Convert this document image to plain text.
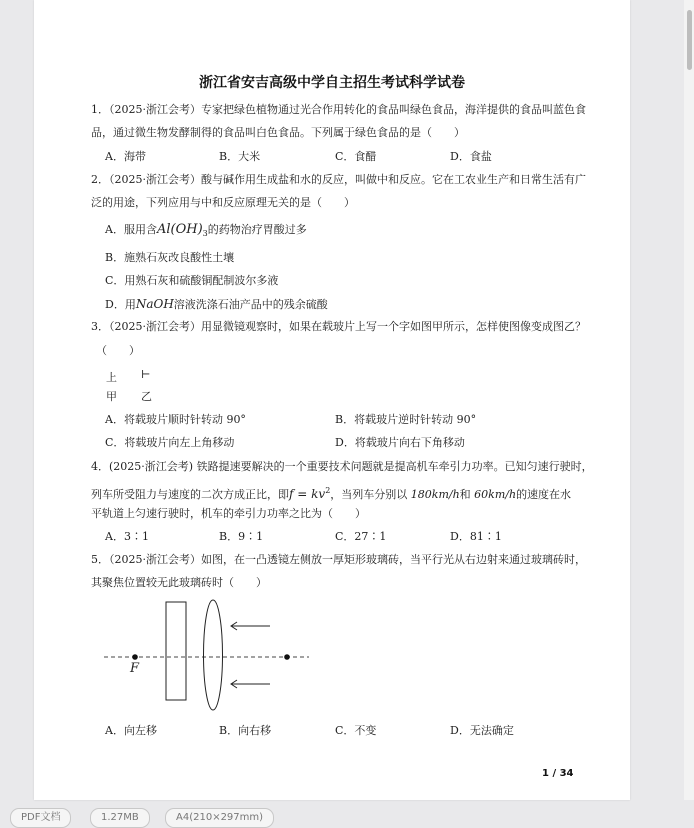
浙江省安吉高级中学自主招生考试科学试卷
1．（2025·浙江会考）专家把绿色植物通过光合作用转化的食品叫绿色食品，海洋提供的食品叫蓝色食
品，通过微生物发酵制得的食品叫白色食品。下列属于绿色食品的是（　　）
A．海带	B．大米	C．食醋	D．食盐
2．（2025·浙江会考）酸与碱作用生成盐和水的反应，叫做中和反应。它在工农业生产和日常生活有广
泛的用途，下列应用与中和反应原理无关的是（　　）
A．服用含$Al(OH)_3$的药物治疗胃酸过多
B．施熟石灰改良酸性土壤
C．用熟石灰和硫酸铜配制波尔多液
D．用NaOH溶液洗涤石油产品中的残余硫酸
3．（2025·浙江会考）用显微镜观察时，如果在载玻片上写一个字如图甲所示，怎样使图像变成图乙？
（　　）
上 ⊢
甲 乙
A．将载玻片顺时针转动 90°	B．将载玻片逆时针转动 90°
C．将载玻片向左上角移动	D．将载玻片向右下角移动
4．(2025·浙江会考) 铁路提速要解决的一个重要技术问题就是提高机车牵引力功率。已知匀速行驶时，
列车所受阻力与速度的二次方成正比，即$f = kv^2$，当列车分别以 180km/h和 60km/h的速度在水
平轨道上匀速行驶时，机车的牵引力功率之比为（　　）
A．3∶1	B．9∶1	C．27∶1	D．81∶1
5．（2025·浙江会考）如图，在一凸透镜左侧放一厚矩形玻璃砖，当平行光从右边射来通过玻璃砖时，
其聚焦位置较无此玻璃砖时（　　）
F
A．向左移	B．向右移	C．不变	D．无法确定
1 / 34
PDF文档	1.27MB	A4(210×297mm)
